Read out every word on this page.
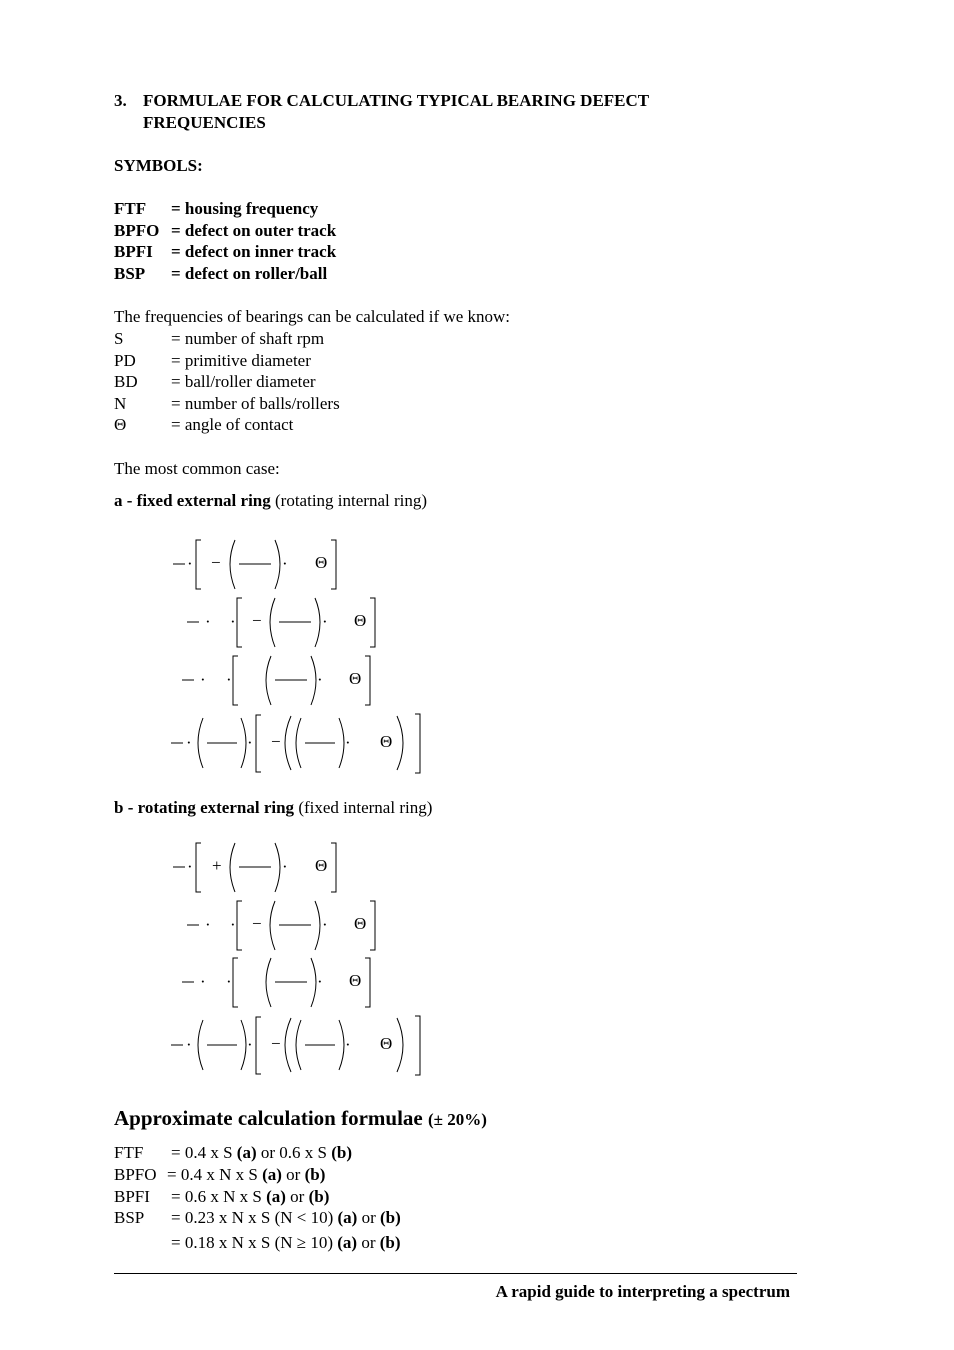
3. FORMULAE FOR CALCULATING TYPICAL BEARING DEFECT
FREQUENCIES
SYMBOLS:
FTF = housing frequency
BPFO = defect on outer track
BPFI = defect on inner track
BSP = defect on roller/ball
The frequencies of bearings can be calculated if we know:
S	= number of shaft rpm
PD = primitive diameter
BD = ball/roller diameter
N	= number of balls/rollers
Θ	= angle of contact
The most common case:
a - fixed external ring (rotating internal ring)
· −	· Θ
· · −	· Θ
· ·	· Θ
·	· −	· Θ
b - rotating external ring (fixed internal ring)
· +	· Θ
· · −	· Θ
· ·	· Θ
·	· −	· Θ
Approximate calculation formulae (± 20%)
FTF = 0.4 x S (a) or 0.6 x S (b)
BPFO = 0.4 x N x S (a) or (b)
BPFI = 0.6 x N x S (a) or (b)
BSP = 0.23 x N x S (N < 10) (a) or (b)
= 0.18 x N x S (N ≥ 10) (a) or (b)
A rapid guide to interpreting a spectrum
